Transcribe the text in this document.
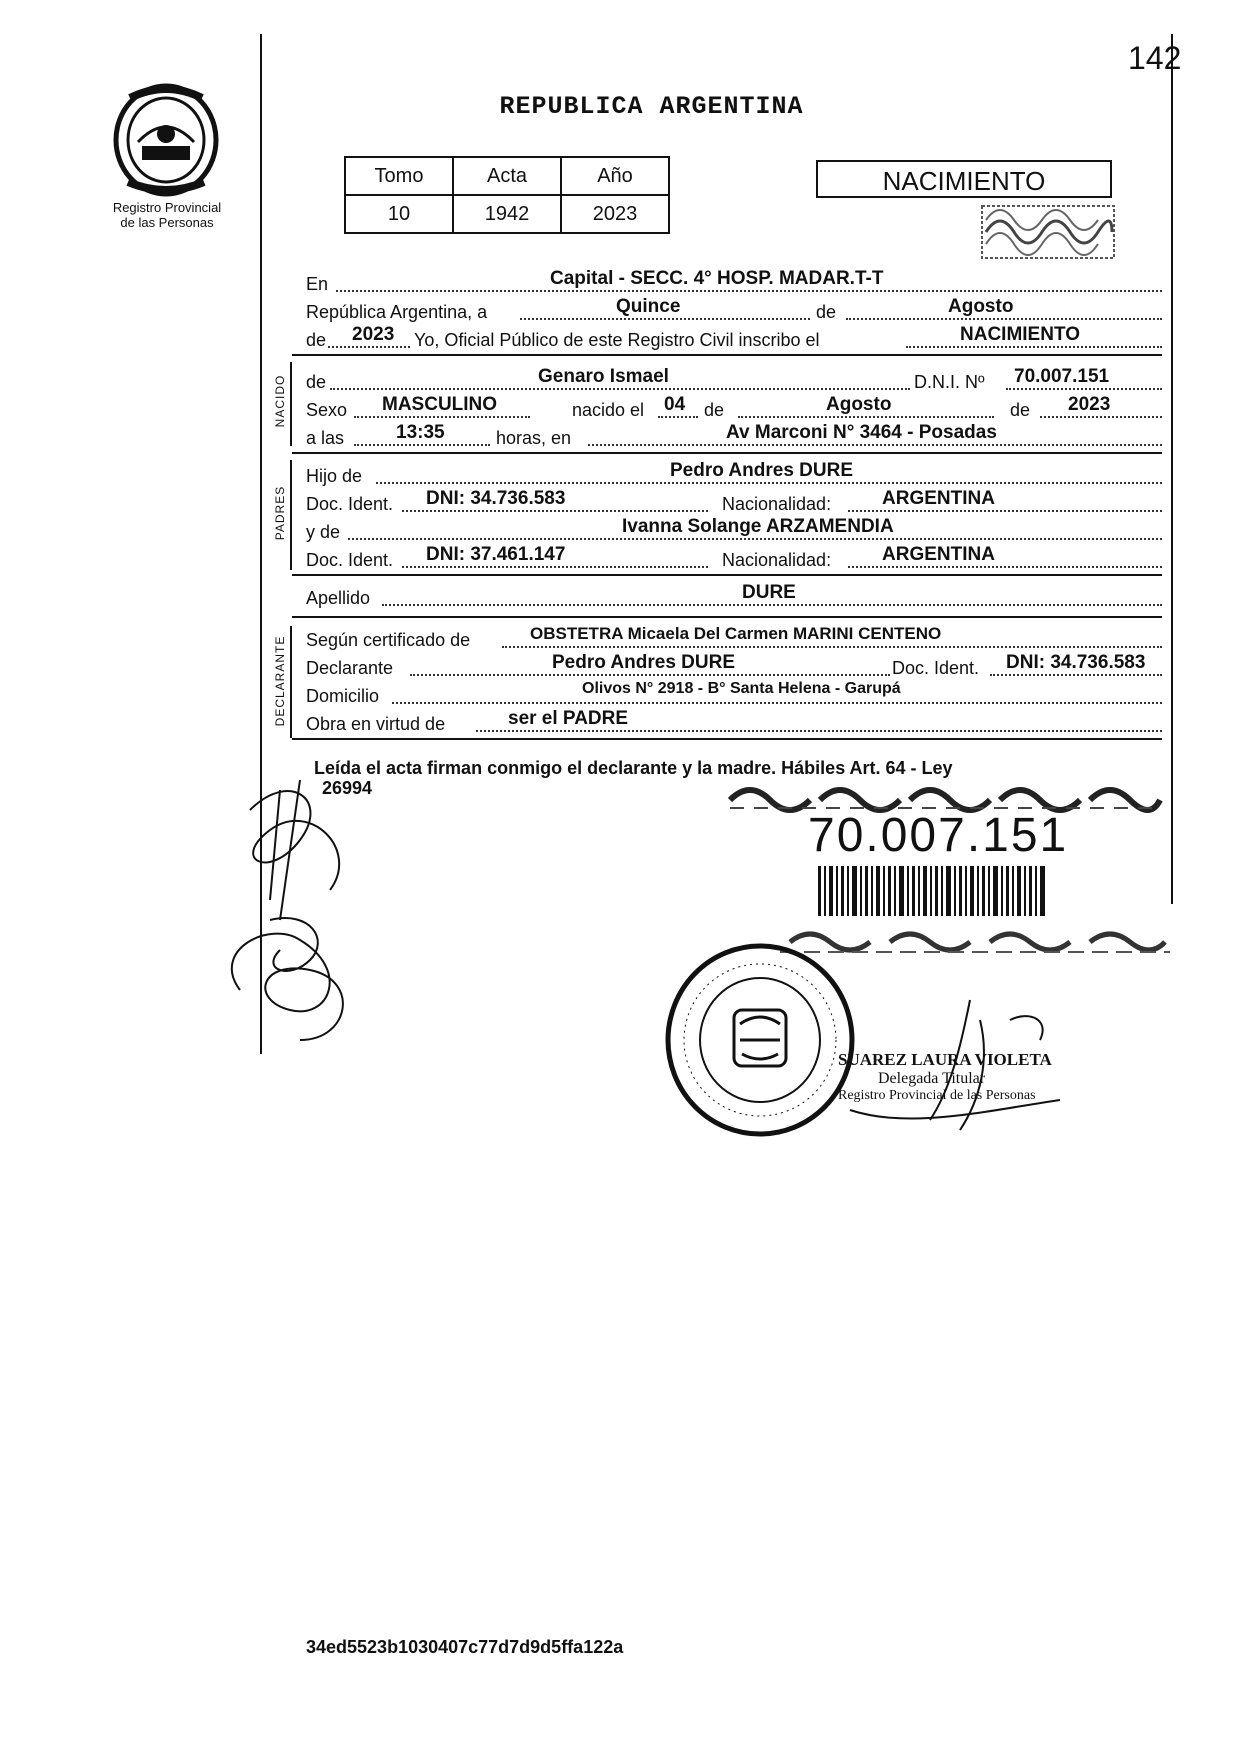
142
Registro Provincial
de las Personas
REPUBLICA ARGENTINA
Tomo	Acta	Año
10	1942	2023
NACIMIENTO
En	Capital - SECC. 4° HOSP. MADAR.T-T
República Argentina, a	Quince	de	Agosto
de 2023 Yo, Oficial Público de este Registro Civil inscribo el	NACIMIENTO
NACIDO de	Genaro Ismael	D.N.I. Nº 70.007.151
Sexo MASCULINO	nacido el 04 de	Agosto	de 2023
a las	13:35	horas, en	Av Marconi N° 3464 - Posadas
PADRES
Hijo de	Pedro Andres DURE
Doc. Ident. DNI: 34.736.583	Nacionalidad:	ARGENTINA
y de	Ivanna Solange ARZAMENDIA
Doc. Ident. DNI: 37.461.147	Nacionalidad:	ARGENTINA
Apellido	DURE
DECLARANTE Según certificado de	OBSTETRA Micaela Del Carmen MARINI CENTENO
Declarante	Pedro Andres DURE	Doc. Ident. DNI: 34.736.583
Domicilio	Olivos N° 2918 - B° Santa Helena - Garupá
Obra en virtud de	ser el PADRE
Leída el acta firman conmigo el declarante y la madre. Hábiles Art. 64 - Ley
26994
70.007.151
SUAREZ LAURA VIOLETA
Delegada Titular
Registro Provincial de las Personas
34ed5523b1030407c77d7d9d5ffa122a
